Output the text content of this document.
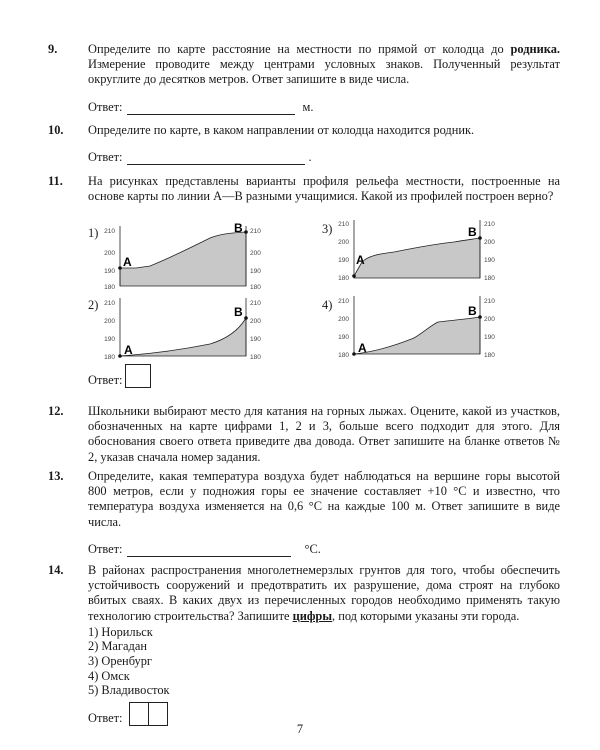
9.	Определите по карте расстояние на местности по прямой от колодца до родника. Измерение проводите между центрами условных знаков. Полученный результат округлите до десятков метров. Ответ запишите в виде числа.
Ответ:	м.
10.	Определите по карте, в каком направлении от колодца находится родник.
Ответ:	.
11.	На рисунках представлены варианты профиля рельефа местности, построенные на основе карты по линии А—В разными учащимися. Какой из профилей построен верно?
1)
2)
3)
4)
210
200
190
180
210
200
190
180
A
B
210
200
190
180
210
200
190
180
A
B
210
200
190
180
210
200
190
180
A
B
210
200
190
180
210
200
190
180
A
B
Ответ:
12.	Школьники выбирают место для катания на горных лыжах. Оцените, какой из участков, обозначенных на карте цифрами 1, 2 и 3, больше всего подходит для этого. Для обоснования своего ответа приведите два довода. Ответ запишите на бланке ответов № 2, указав сначала номер задания.
13.	Определите, какая температура воздуха будет наблюдаться на вершине горы высотой 800 метров, если у подножия горы ее значение составляет +10 °С и известно, что температура воздуха изменяется на 0,6 °С на каждые 100 м. Ответ запишите в виде числа.
Ответ:	°С.
14.	В районах распространения многолетнемерзлых грунтов для того, чтобы обеспечить устойчивость сооружений и предотвратить их разрушение, дома строят на глубоко вбитых сваях. В каких двух из перечисленных городов необходимо применять такую технологию строительства? Запишите цифры, под которыми указаны эти города.
1) Норильск
2) Магадан
3) Оренбург
4) Омск
5) Владивосток
Ответ:
7
